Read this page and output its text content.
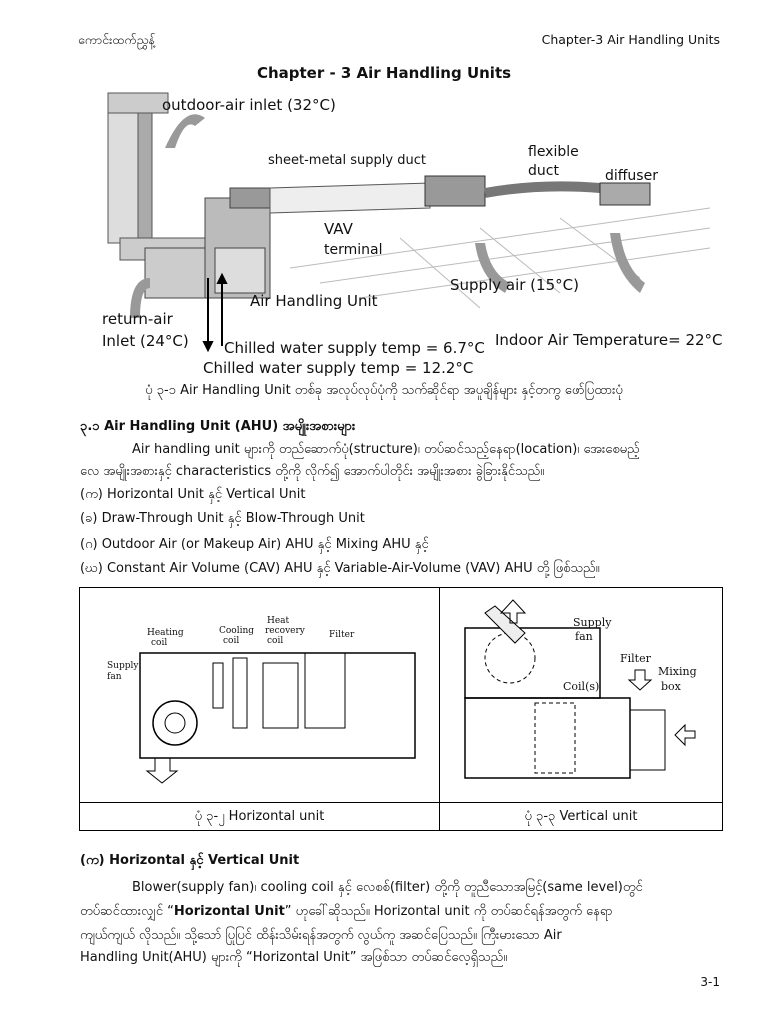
ကောင်းထက်ညွှန့်	Chapter-3 Air Handling Units
Chapter - 3 Air Handling Units
outdoor-air inlet (32°C)
sheet-metal supply duct
flexible
duct	diffuser
VAV
terminal
Supply air (15°C)
Air Handling Unit
return-air
Inlet (24°C) Chilled water supply temp = 6.7°C
Chilled water supply temp = 12.2°C
Indoor Air Temperature= 22°C
ပုံ ၃-၁ Air Handling Unit တစ်ခု အလုပ်လုပ်ပုံကို သက်ဆိုင်ရာ အပူချိန်များ နှင့်တကွ ဖော်ပြထားပုံ
၃.၁ Air Handling Unit (AHU) အမျိုးအစားများ
Air handling unit များကို တည်ဆောက်ပုံ(structure)၊ တပ်ဆင်သည့်နေရာ(location)၊ အေးစေမည့်
လေ အမျိုးအစားနှင့် characteristics တို့ကို လိုက်၍ အောက်ပါတိုင်း အမျိုးအစား ခွဲခြားနိုင်သည်။
(က) Horizontal Unit နှင့် Vertical Unit
(ခ) Draw-Through Unit နှင့် Blow-Through Unit
(ဂ) Outdoor Air (or Makeup Air) AHU နှင့် Mixing AHU နှင့်
(ဃ) Constant Air Volume (CAV) AHU နှင့် Variable-Air-Volume (VAV) AHU တို့ ဖြစ်သည်။
Heating
coil
Cooling
coil
Heat
recovery
coil
Filter
Supply
fan
Supply
fan
Filter
Mixing
box
Coil(s)
ပုံ ၃-၂ Horizontal unit	ပုံ ၃-၃ Vertical unit
(က) Horizontal နှင့် Vertical Unit
Blower(supply fan)၊ cooling coil နှင့် လေစစ်(filter) တို့ကို တူညီသောအမြင့်(same level)တွင်
တပ်ဆင်ထားလျှင် “Horizontal Unit” ဟုခေါ်ဆိုသည်။ Horizontal unit ကို တပ်ဆင်ရန်အတွက် နေရာ
ကျယ်ကျယ် လိုသည်။ သို့သော် ပြုပြင် ထိန်းသိမ်းရန်အတွက် လွယ်ကူ အဆင်ပြေသည်။ ကြီးမားသော Air
Handling Unit(AHU) များကို “Horizontal Unit” အဖြစ်သာ တပ်ဆင်လေ့ရှိသည်။
3-1
